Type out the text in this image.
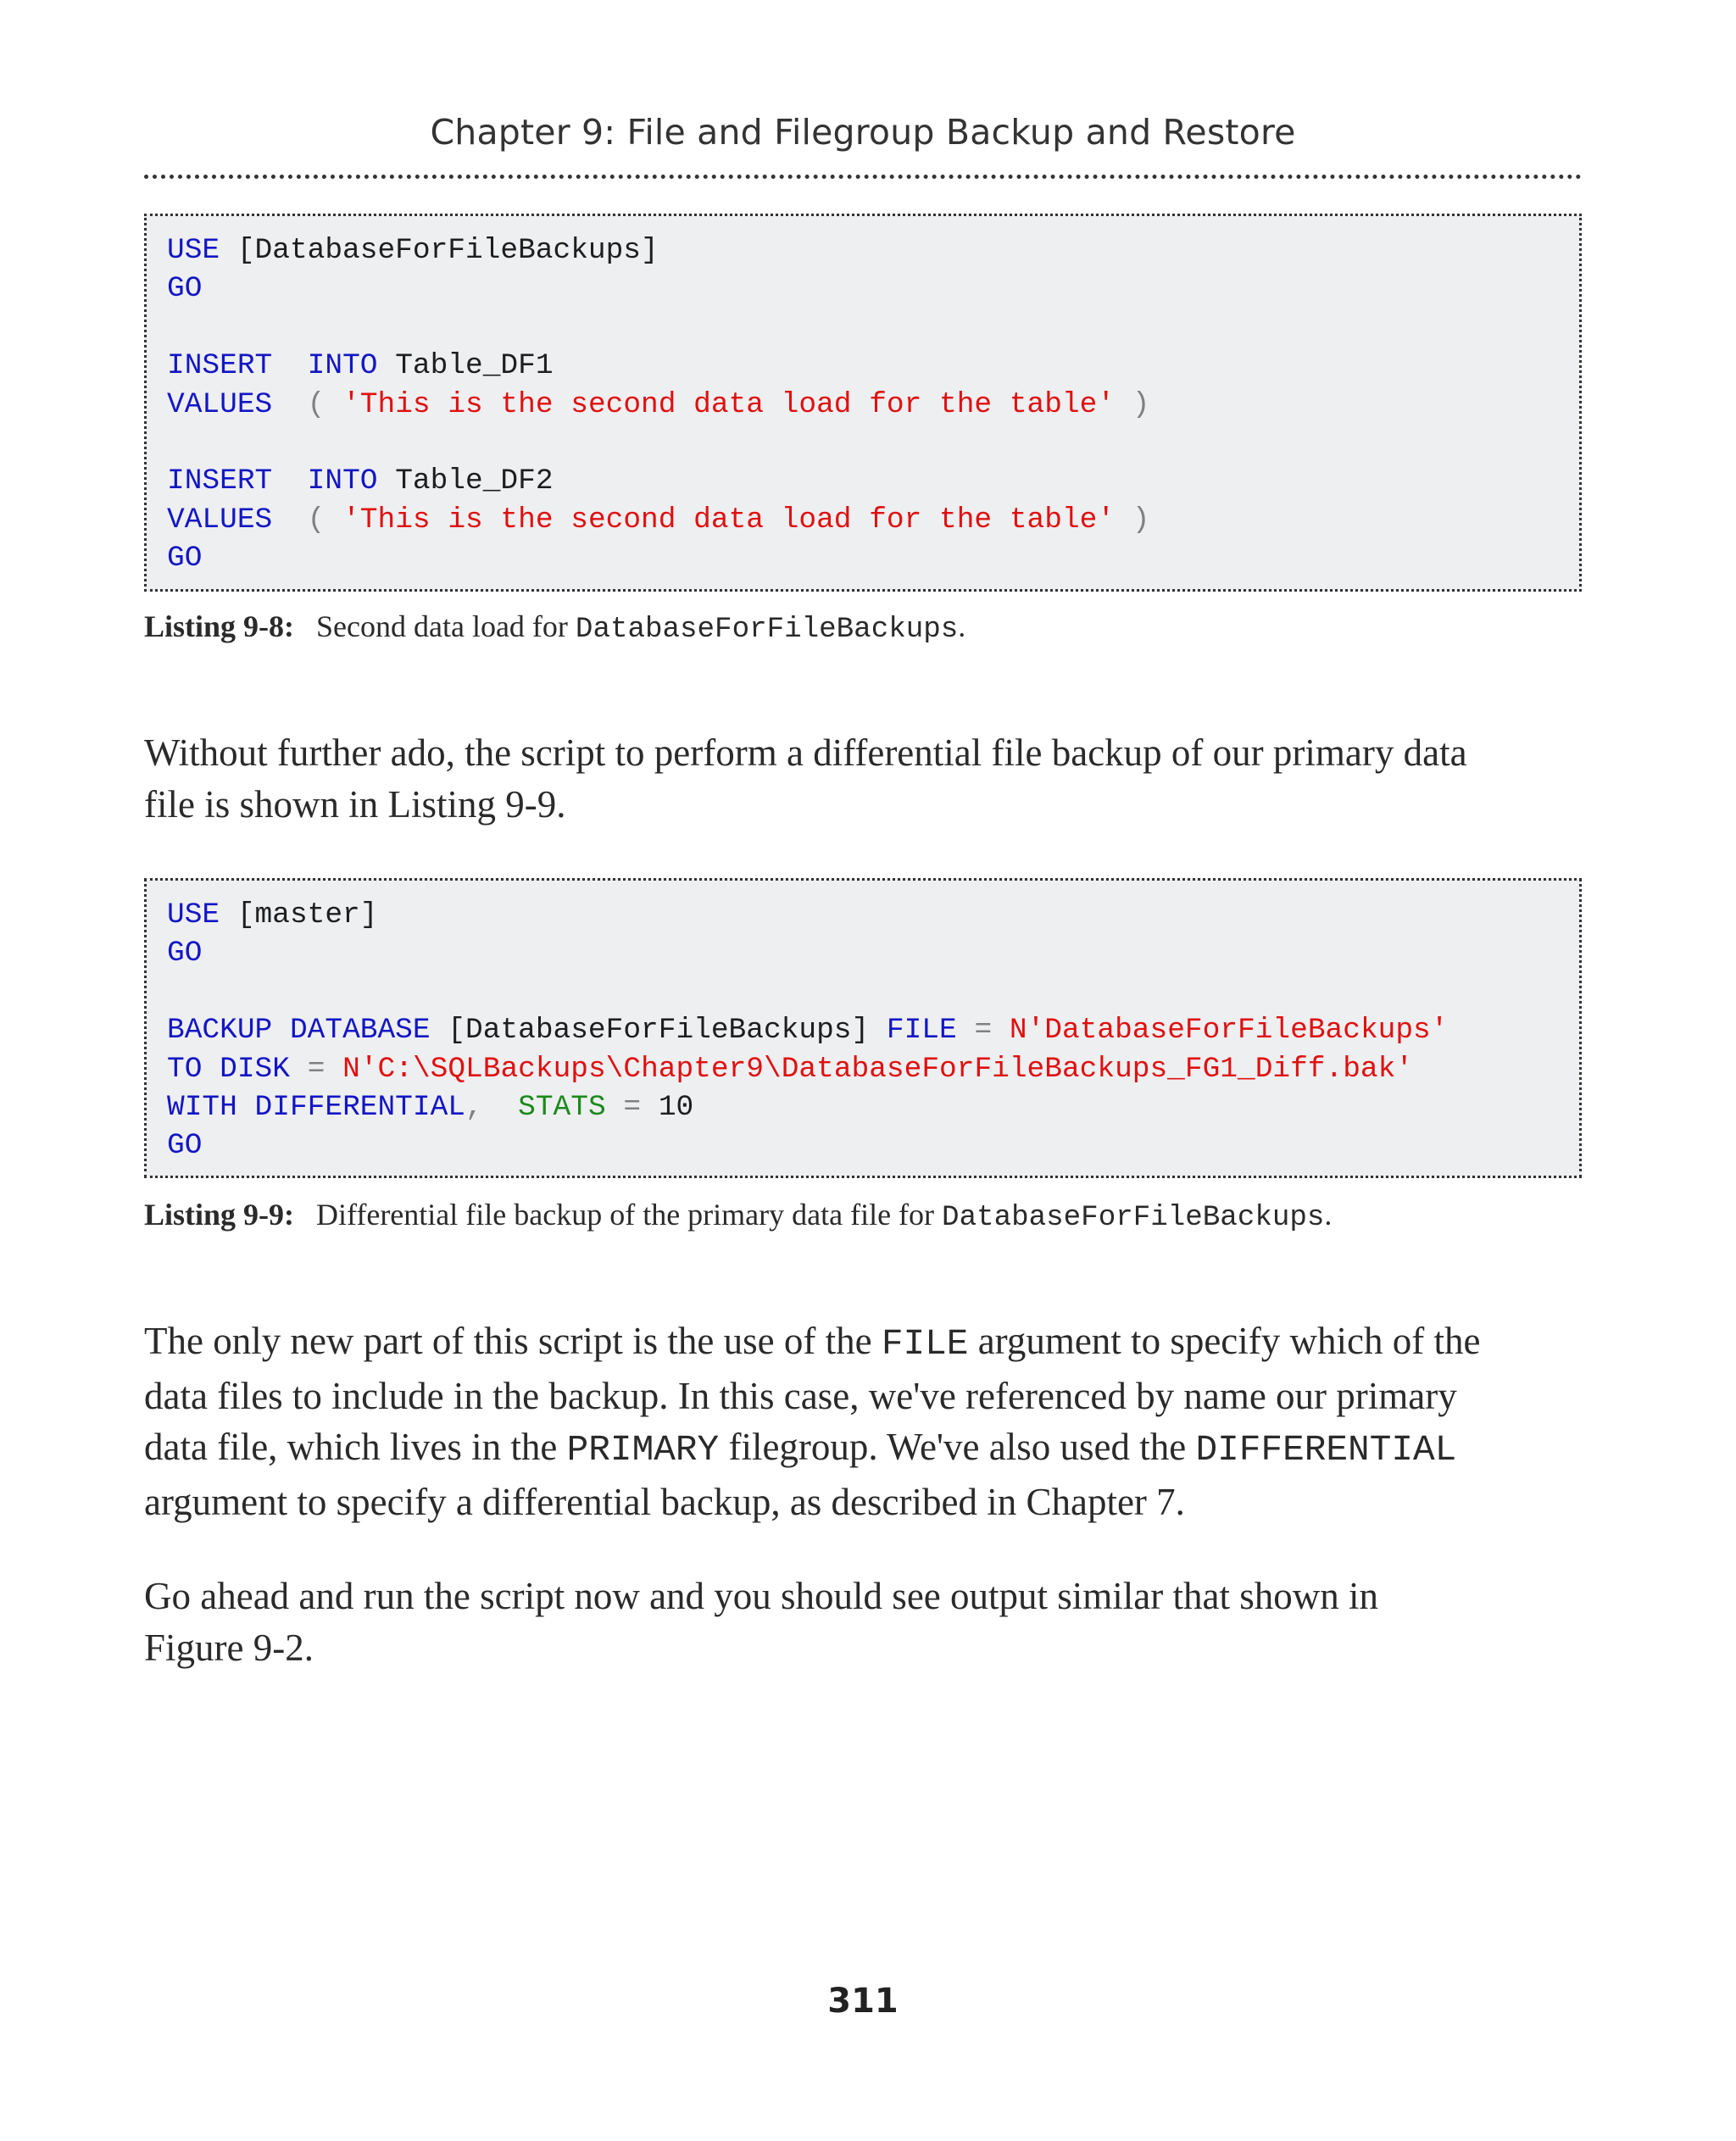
Chapter 9: File and Filegroup Backup and Restore
USE [DatabaseForFileBackups]
GO

INSERT INTO Table_DF1
VALUES ( 'This is the second data load for the table' )

INSERT INTO Table_DF2
VALUES ( 'This is the second data load for the table' )
GO
Listing 9-8: Second data load for DatabaseForFileBackups.

Without further ado, the script to perform a differential file backup of our primary data
file is shown in Listing 9-9.

USE [master]
GO

BACKUP DATABASE [DatabaseForFileBackups] FILE = N'DatabaseForFileBackups'
TO DISK = N'C:\SQLBackups\Chapter9\DatabaseForFileBackups_FG1_Diff.bak'
WITH DIFFERENTIAL, STATS = 10
GO
Listing 9-9: Differential file backup of the primary data file for DatabaseForFileBackups.

The only new part of this script is the use of the FILE argument to specify which of the
data files to include in the backup. In this case, we've referenced by name our primary
data file, which lives in the PRIMARY filegroup. We've also used the DIFFERENTIAL
argument to specify a differential backup, as described in Chapter 7.

Go ahead and run the script now and you should see output similar that shown in
Figure 9-2.

311
